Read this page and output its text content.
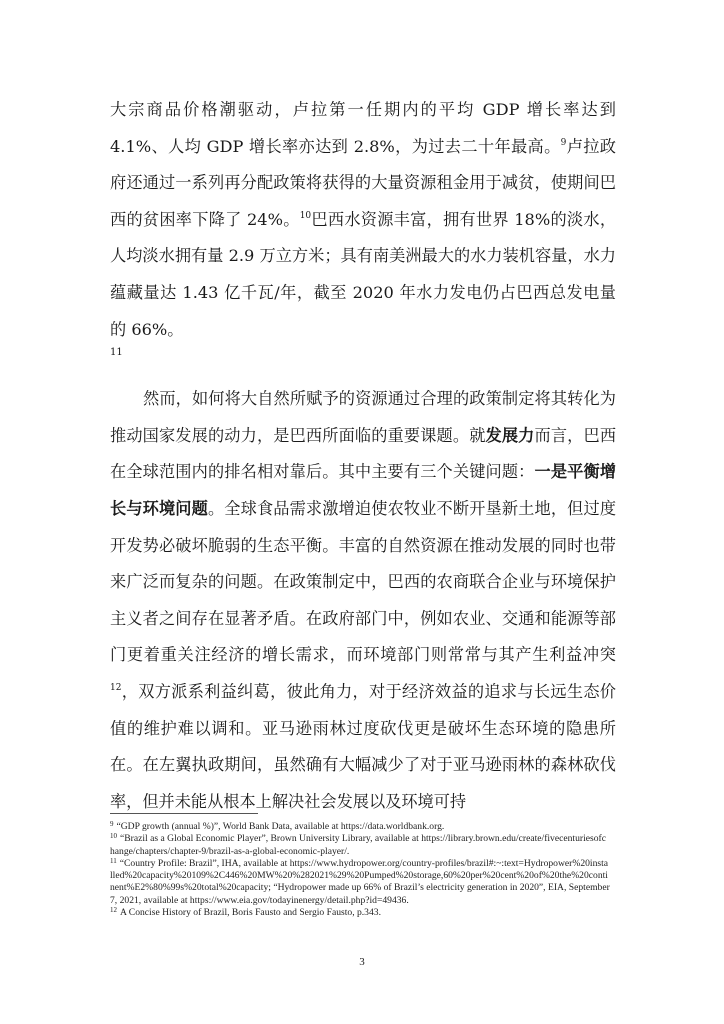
大宗商品价格潮驱动，卢拉第一任期内的平均 GDP 增长率达到 4.1%、人均 GDP 增长率亦达到 2.8%，为过去二十年最高。$^9$卢拉政府还通过一系列再分配政策将获得的大量资源租金用于减贫，使期间巴西的贫困率下降了 24%。$^{10}$巴西水资源丰富，拥有世界 18%的淡水，人均淡水拥有量 2.9 万立方米；具有南美洲最大的水力装机容量，水力蕴藏量达 1.43 亿千瓦/年，截至 2020 年水力发电仍占巴西总发电量的 66%。

11

然而，如何将大自然所赋予的资源通过合理的政策制定将其转化为推动国家发展的动力，是巴西所面临的重要课题。就发展力而言，巴西在全球范围内的排名相对靠后。其中主要有三个关键问题：一是平衡增长与环境问题。全球食品需求激增迫使农牧业不断开垦新土地，但过度开发势必破坏脆弱的生态平衡。丰富的自然资源在推动发展的同时也带来广泛而复杂的问题。在政策制定中，巴西的农商联合企业与环境保护主义者之间存在显著矛盾。在政府部门中，例如农业、交通和能源等部门更着重关注经济的增长需求，而环境部门则常常与其产生利益冲突$^{12}$，双方派系利益纠葛，彼此角力，对于经济效益的追求与长远生态价值的维护难以调和。亚马逊雨林过度砍伐更是破坏生态环境的隐患所在。在左翼执政期间，虽然确有大幅减少了对于亚马逊雨林的森林砍伐率，但并未能从根本上解决社会发展以及环境可持

$^9$ “GDP growth (annual %)”, World Bank Data, available at https://data.worldbank.org.

$^{10}$ “Brazil as a Global Economic Player”, Brown University Library, available at https://library.brown.edu/create/fivecenturiesofchange/chapters/chapter-9/brazil-as-a-global-economic-player/.

$^{11}$ “Country Profile: Brazil”, IHA, available at https://www.hydropower.org/country-profiles/brazil#:~:text=Hydropower%20installed%20capacity%20109%2C446%20MW%20%282021%29%20Pumped%20storage,60%20per%20cent%20of%20the%20continent%E2%80%99s%20total%20capacity; “Hydropower made up 66% of Brazil’s electricity generation in 2020”, EIA, September 7, 2021, available at https://www.eia.gov/todayinenergy/detail.php?id=49436.

$^{12}$ A Concise History of Brazil, Boris Fausto and Sergio Fausto, p.343.

3
